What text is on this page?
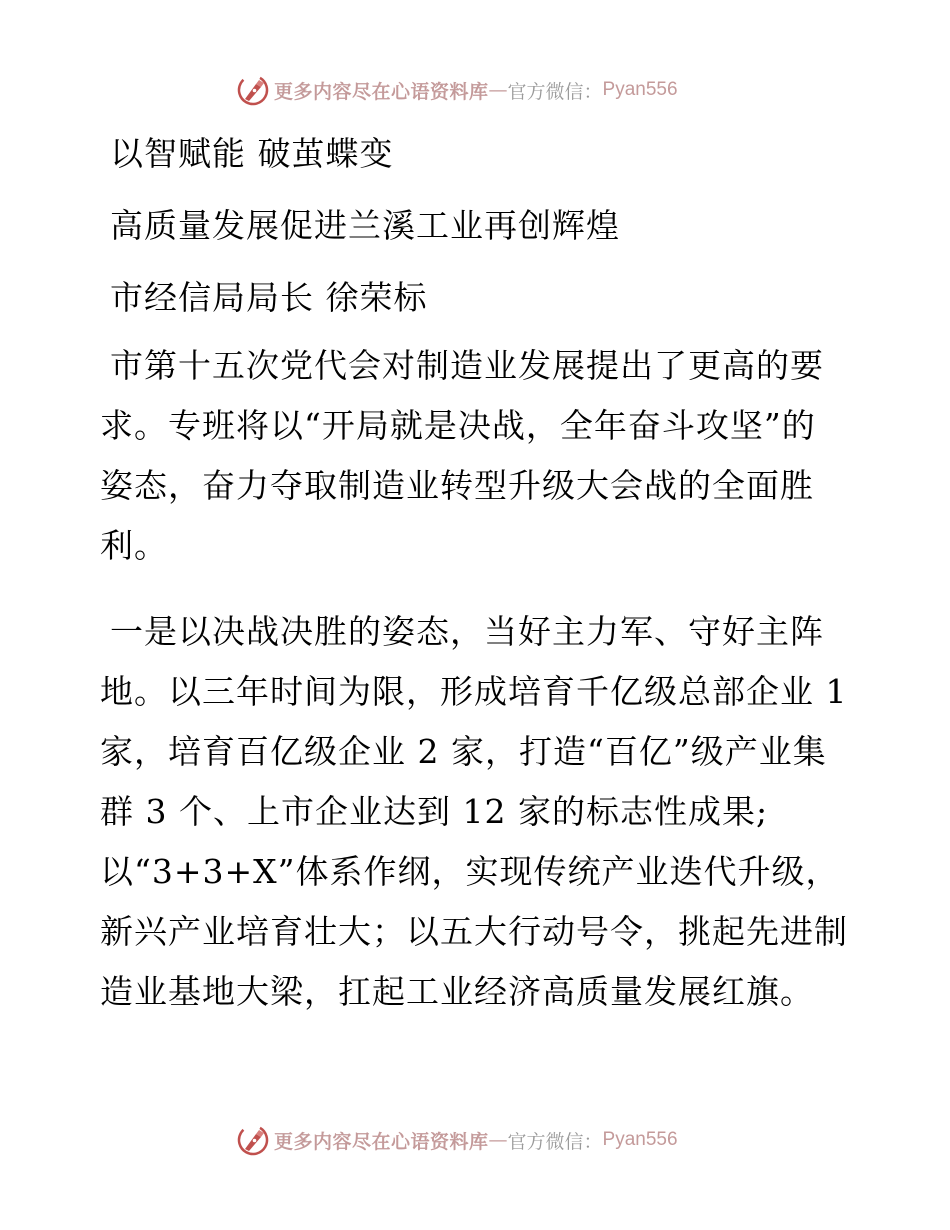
更多内容尽在心语资料库 — 官方微信： Pyan556
以智赋能 破茧蝶变
高质量发展促进兰溪工业再创辉煌
市经信局局长 徐荣标
市第十五次党代会对制造业发展提出了更高的要
求。专班将以“开局就是决战，全年奋斗攻坚”的
姿态，奋力夺取制造业转型升级大会战的全面胜
利。
一是以决战决胜的姿态，当好主力军、守好主阵
地。以三年时间为限，形成培育千亿级总部企业 1
家，培育百亿级企业 2 家，打造“百亿”级产业集
群 3 个、上市企业达到 12 家的标志性成果;
以“3+3+X”体系作纲，实现传统产业迭代升级，
新兴产业培育壮大；以五大行动号令，挑起先进制
造业基地大梁，扛起工业经济高质量发展红旗。
更多内容尽在心语资料库 — 官方微信： Pyan556
